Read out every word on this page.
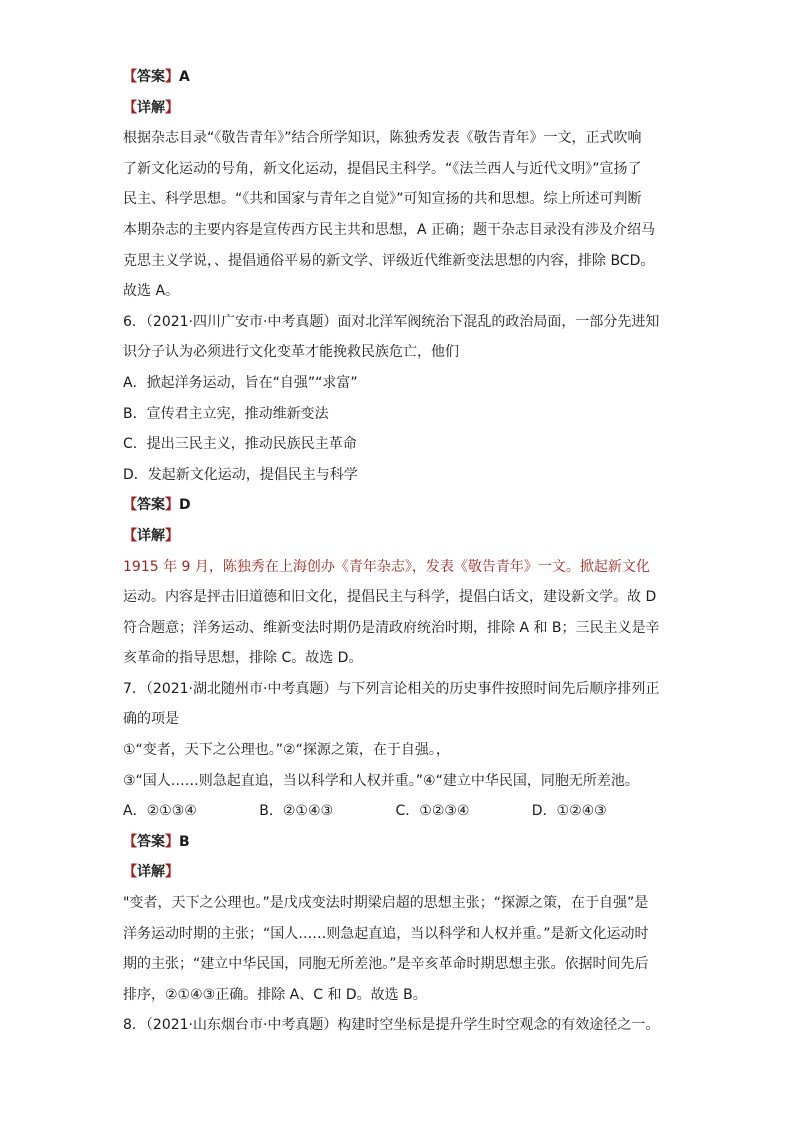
【答案】A
【详解】
根据杂志目录“《敬告青年》”结合所学知识，陈独秀发表《敬告青年》一文，正式吹响
了新文化运动的号角，新文化运动，提倡民主科学。“《法兰西人与近代文明》”宣扬了
民主、科学思想。“《共和国家与青年之自觉》”可知宣扬的共和思想。综上所述可判断
本期杂志的主要内容是宣传西方民主共和思想，A 正确；题干杂志目录没有涉及介绍马
克思主义学说，、提倡通俗平易的新文学、评级近代维新变法思想的内容，排除 BCD。
故选 A。
6．（2021·四川广安市·中考真题）面对北洋军阀统治下混乱的政治局面，一部分先进知
识分子认为必须进行文化变革才能挽救民族危亡，他们
A．掀起洋务运动，旨在“自强”“求富”
B．宣传君主立宪，推动维新变法
C．提出三民主义，推动民族民主革命
D．发起新文化运动，提倡民主与科学
【答案】D
【详解】
1915 年 9 月，陈独秀在上海创办《青年杂志》，发表《敬告青年》一文。掀起新文化
运动。内容是抨击旧道德和旧文化，提倡民主与科学，提倡白话文，建设新文学。故 D
符合题意；洋务运动、维新变法时期仍是清政府统治时期，排除 A 和 B；三民主义是辛
亥革命的指导思想，排除 C。故选 D。
7．（2021·湖北随州市·中考真题）与下列言论相关的历史事件按照时间先后顺序排列正
确的项是
①“变者，天下之公理也。”②“探源之策，在于自强。，
③“国人……则急起直追，当以科学和人权并重。”④“建立中华民国，同胞无所差池。
A．②①③④	B．②①④③	C．①②③④	D．①②④③
【答案】B
【详解】
"变者，天下之公理也。”是戊戌变法时期梁启超的思想主张；“探源之策，在于自强”是
洋务运动时期的主张；“国人……则急起直追，当以科学和人权并重。”是新文化运动时
期的主张；“建立中华民国，同胞无所差池。”是辛亥革命时期思想主张。依据时间先后
排序，②①④③正确。排除 A、C 和 D。故选 B。
8．（2021·山东烟台市·中考真题）构建时空坐标是提升学生时空观念的有效途径之一。
